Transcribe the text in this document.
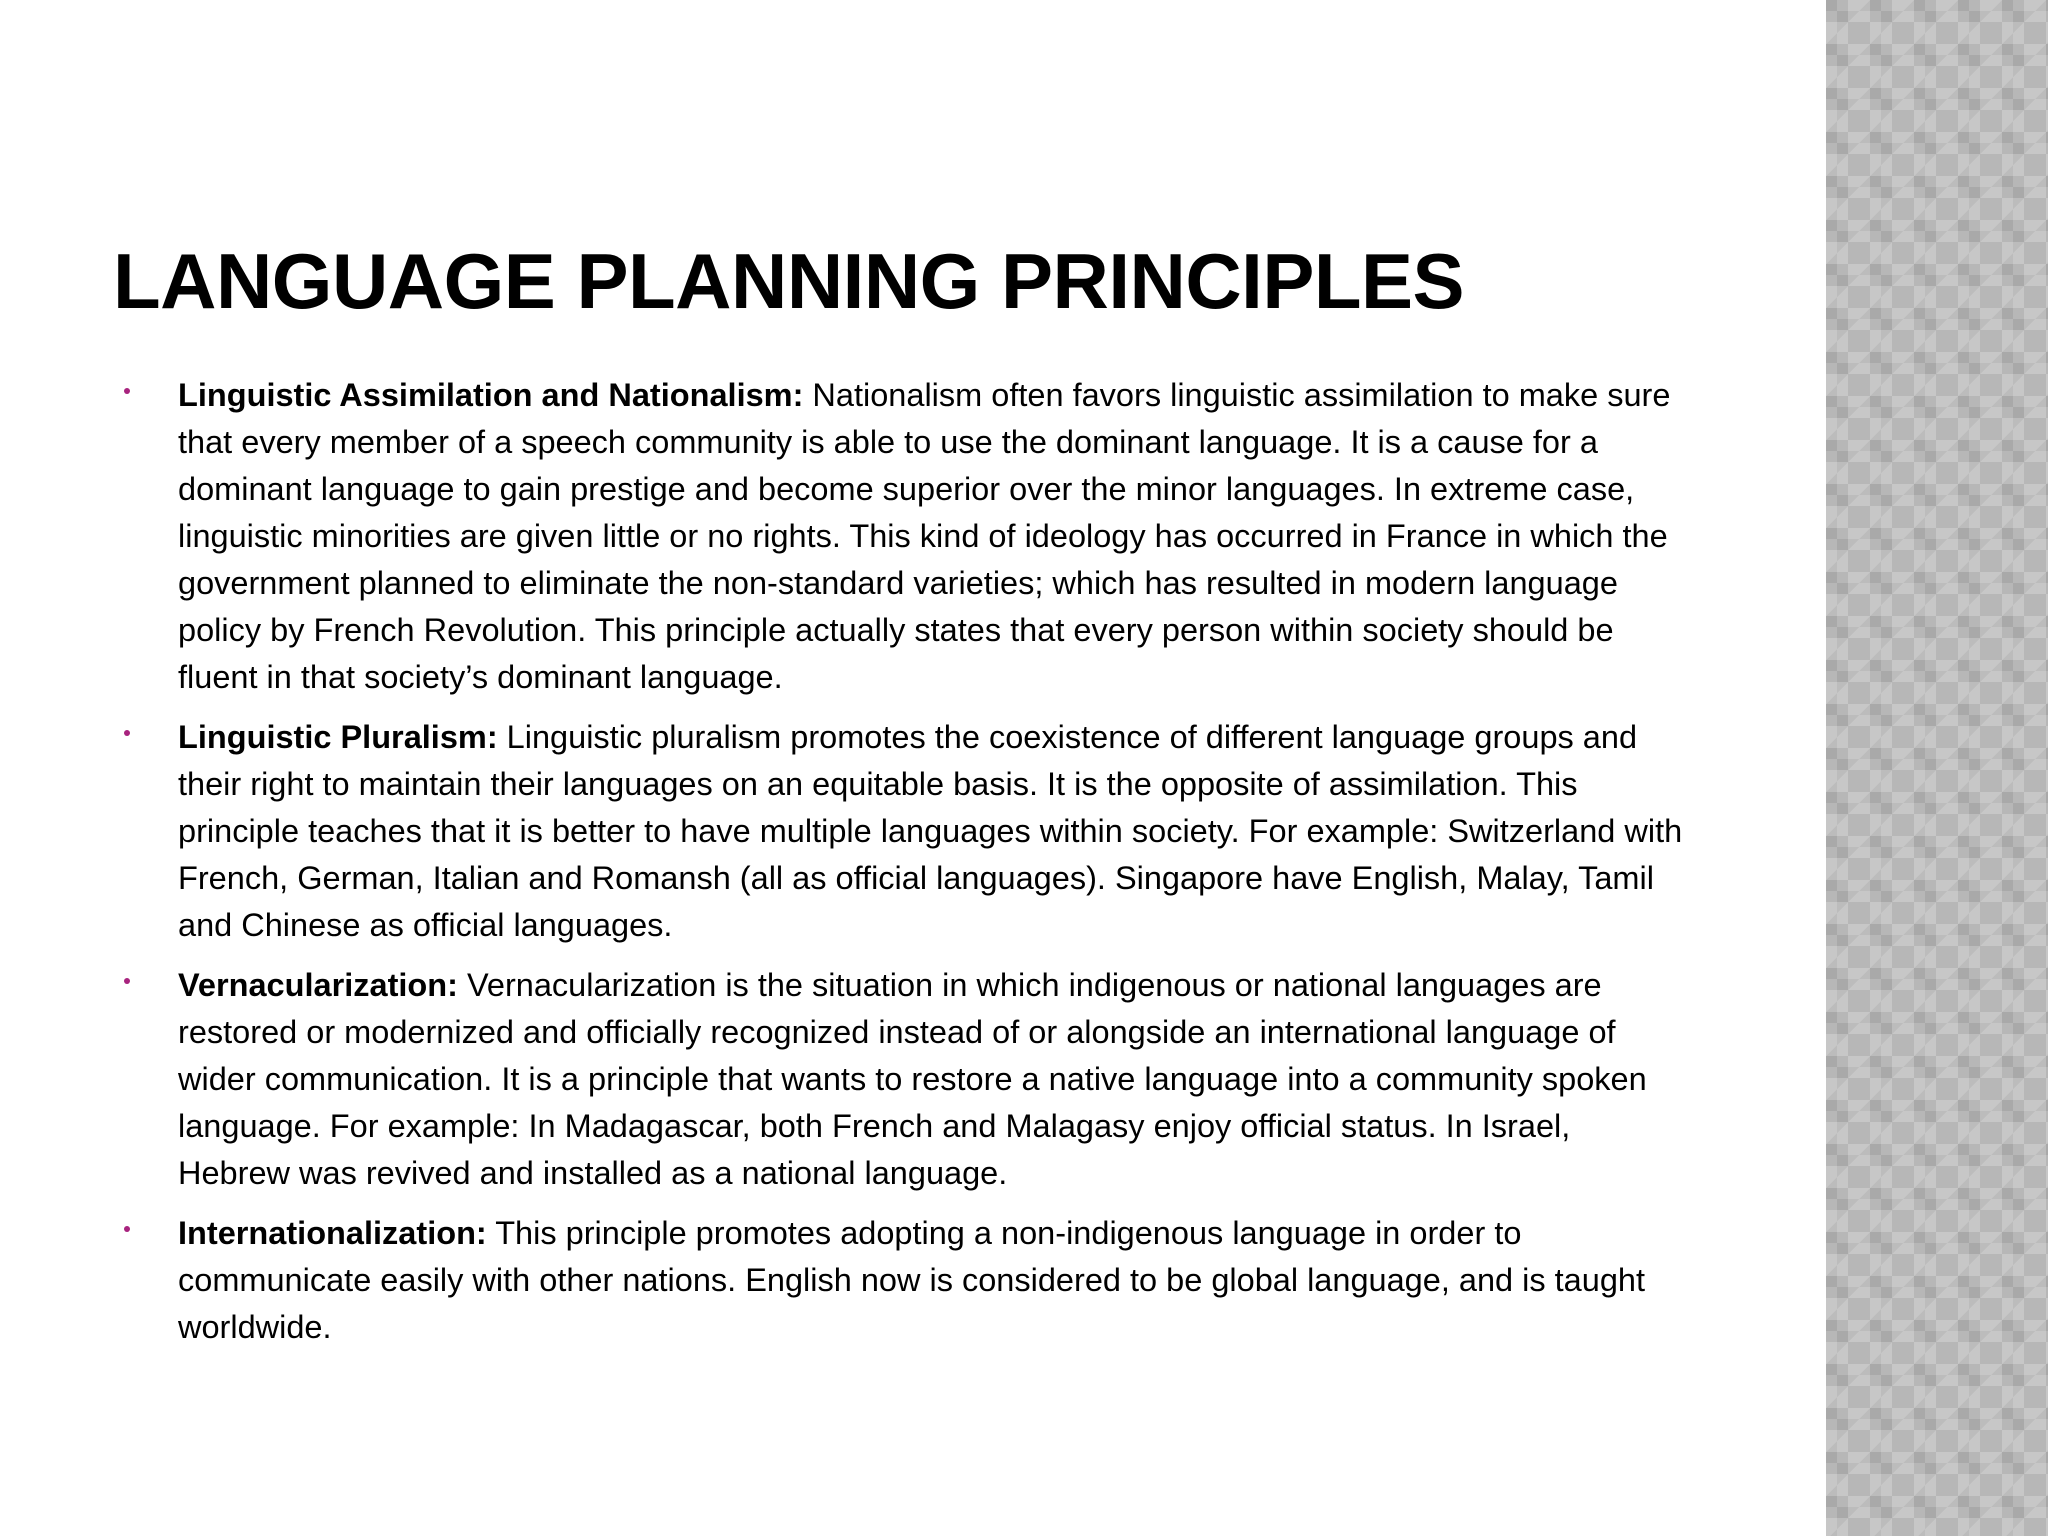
LANGUAGE PLANNING PRINCIPLES
Linguistic Assimilation and Nationalism: Nationalism often favors linguistic assimilation to make sure that every member of a speech community is able to use the dominant language. It is a cause for a dominant language to gain prestige and become superior over the minor languages. In extreme case, linguistic minorities are given little or no rights. This kind of ideology has occurred in France in which the government planned to eliminate the non-standard varieties; which has resulted in modern language policy by French Revolution. This principle actually states that every person within society should be fluent in that society’s dominant language.
Linguistic Pluralism: Linguistic pluralism promotes the coexistence of different language groups and their right to maintain their languages on an equitable basis. It is the opposite of assimilation. This principle teaches that it is better to have multiple languages within society. For example: Switzerland with French, German, Italian and Romansh (all as official languages). Singapore have English, Malay, Tamil and Chinese as official languages.
Vernacularization: Vernacularization is the situation in which indigenous or national languages are restored or modernized and officially recognized instead of or alongside an international language of wider communication. It is a principle that wants to restore a native language into a community spoken language. For example: In Madagascar, both French and Malagasy enjoy official status. In Israel, Hebrew was revived and installed as a national language.
Internationalization: This principle promotes adopting a non-indigenous language in order to communicate easily with other nations. English now is considered to be global language, and is taught worldwide.
